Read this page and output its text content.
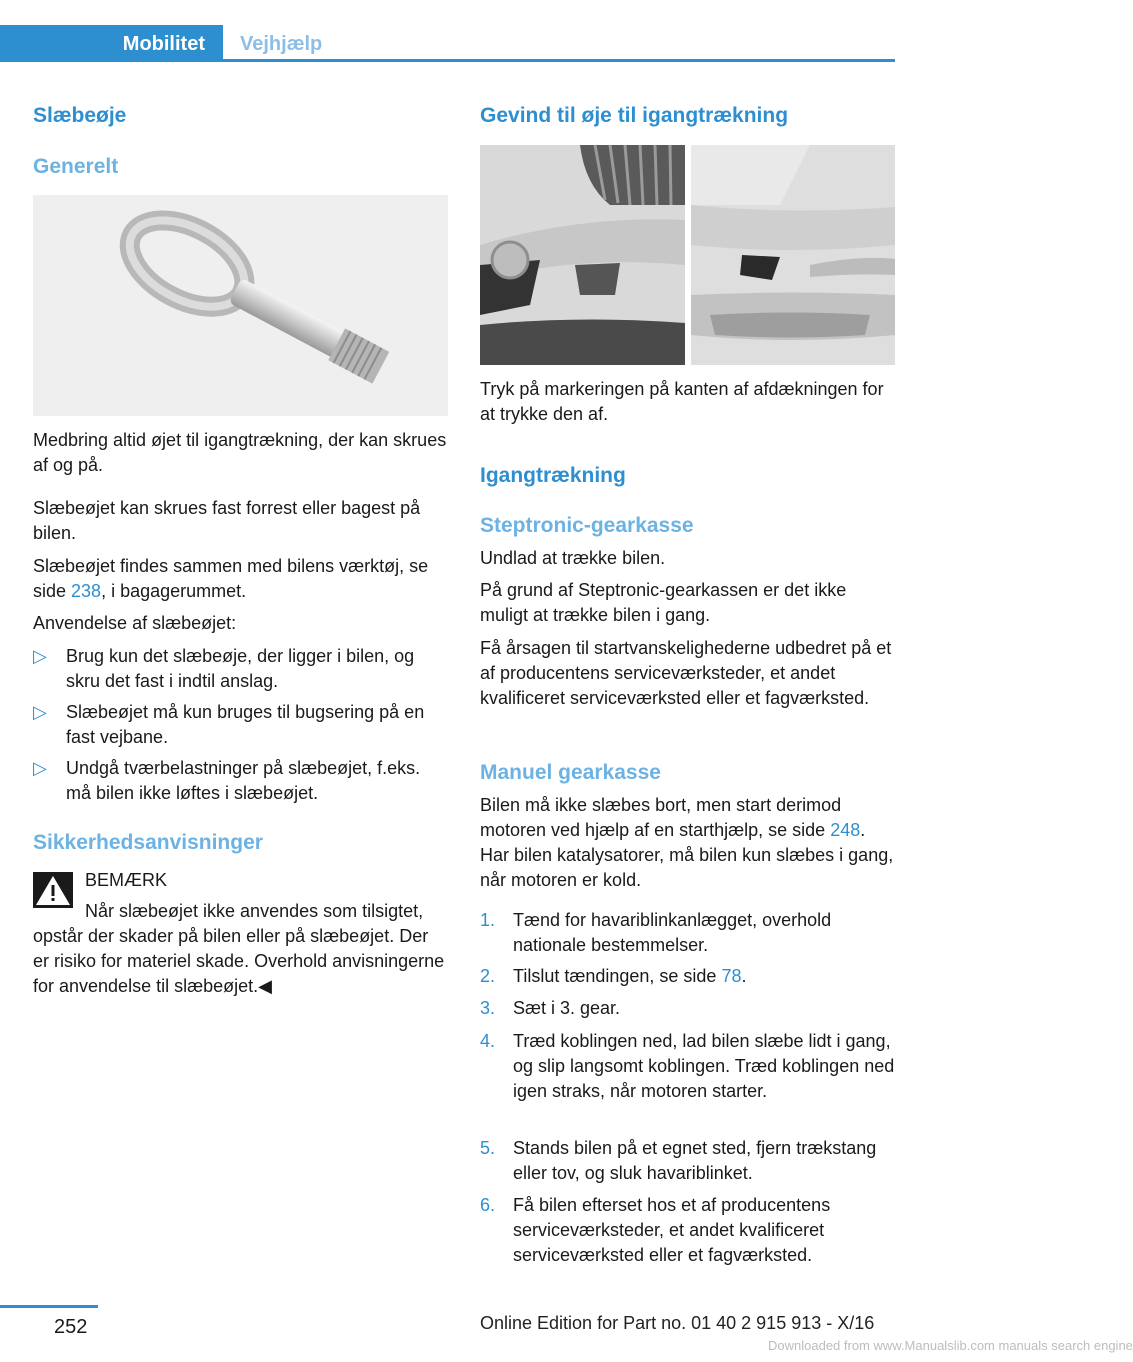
Mobilitet Vejhjælp
Slæbeøje
Generelt
Medbring altid øjet til igangtrækning, der kan skrues af og på.
Slæbeøjet kan skrues fast forrest eller bagest på bilen.
Slæbeøjet findes sammen med bilens værktøj, se side 238, i bagagerummet.
Anvendelse af slæbeøjet:
▷ Brug kun det slæbeøje, der ligger i bilen, og skru det fast i indtil anslag.
▷ Slæbeøjet må kun bruges til bugsering på en fast vejbane.
▷ Undgå tværbelastninger på slæbeøjet, f.eks. må bilen ikke løftes i slæbeøjet.
Sikkerhedsanvisninger
BEMÆRK
Når slæbeøjet ikke anvendes som tilsigtet, opstår der skader på bilen eller på slæbeøjet. Der er risiko for materiel skade. Overhold anvisningerne for anvendelse til slæbeøjet.◀
Gevind til øje til igangtrækning
Tryk på markeringen på kanten af afdækningen for at trykke den af.
Igangtrækning
Steptronic-gearkasse
Undlad at trække bilen.
På grund af Steptronic-gearkassen er det ikke muligt at trække bilen i gang.
Få årsagen til startvanskelighederne udbedret på et af producentens serviceværksteder, et andet kvalificeret serviceværksted eller et fagværksted.
Manuel gearkasse
Bilen må ikke slæbes bort, men start derimod motoren ved hjælp af en starthjælp, se side 248. Har bilen katalysatorer, må bilen kun slæbes i gang, når motoren er kold.
1. Tænd for havariblinkanlægget, overhold nationale bestemmelser.
2. Tilslut tændingen, se side 78.
3. Sæt i 3. gear.
4. Træd koblingen ned, lad bilen slæbe lidt i gang, og slip langsomt koblingen. Træd koblingen ned igen straks, når motoren starter.
5. Stands bilen på et egnet sted, fjern trækstang eller tov, og sluk havariblinket.
6. Få bilen efterset hos et af producentens serviceværksteder, et andet kvalificeret serviceværksted eller et fagværksted.
252	Online Edition for Part no. 01 40 2 915 913 - X/16
Downloaded from www.Manualslib.com manuals search engine
